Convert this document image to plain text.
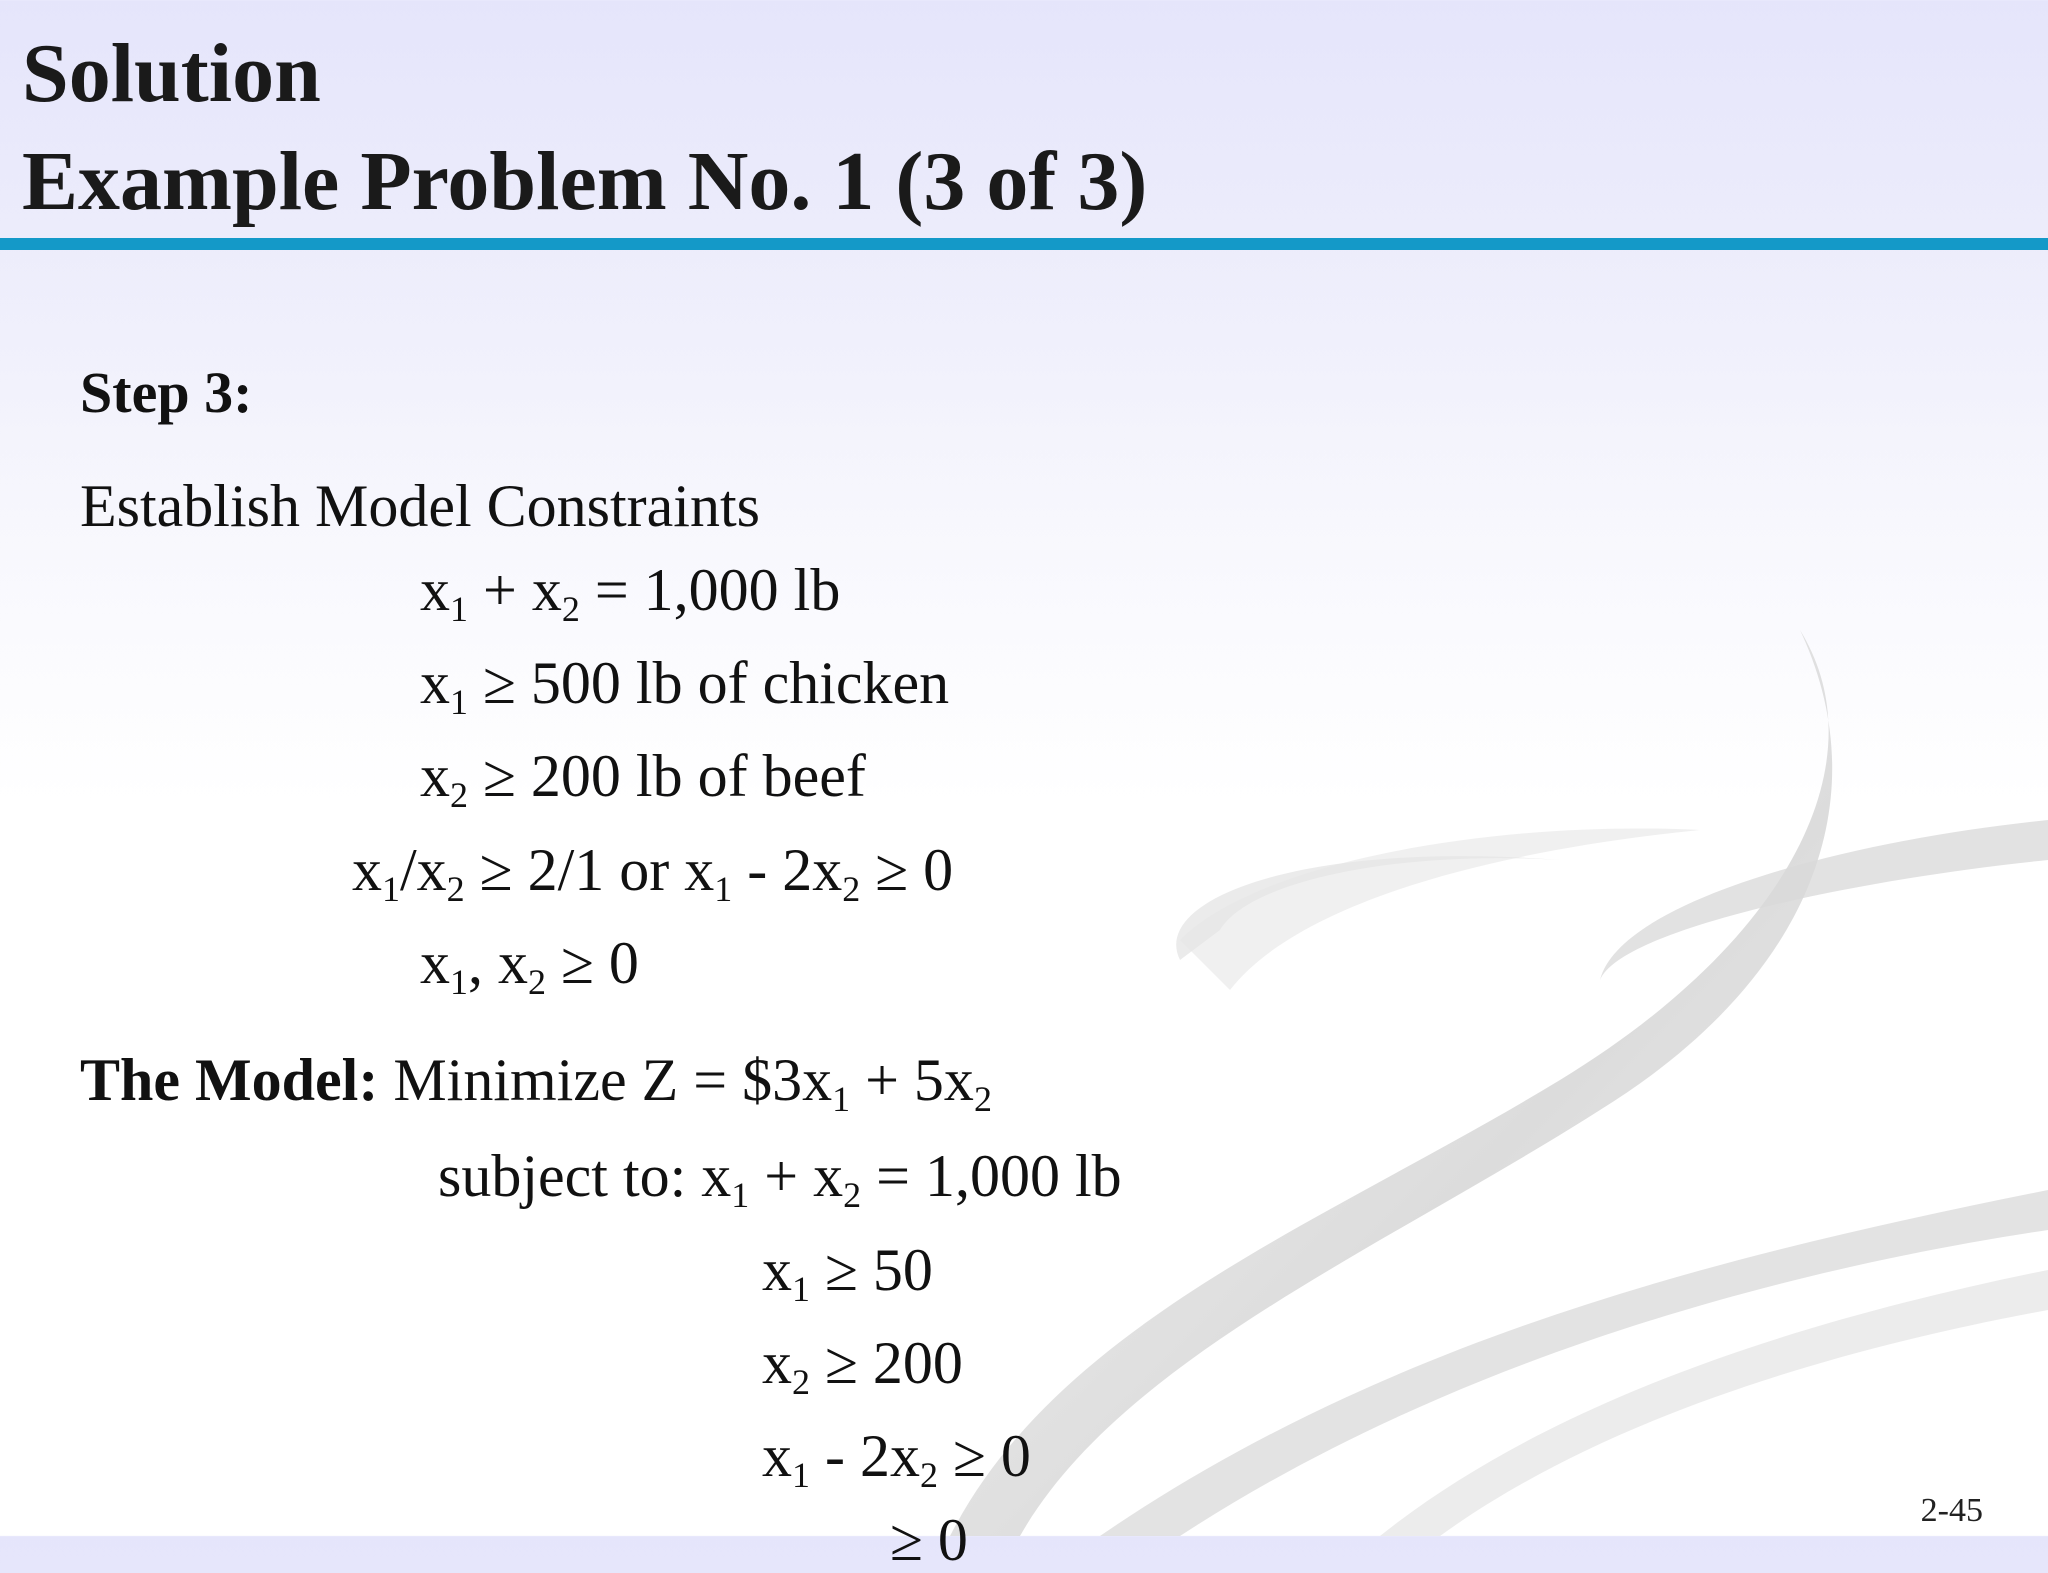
Solution
Example Problem No. 1 (3 of 3)
Step 3:
Establish Model Constraints
$x_1 + x_2 = 1,000$ lb
$x_1 \ge 500$ lb of chicken
$x_2 \ge 200$ lb of beef
$x_1/x_2 \ge 2/1$ or $x_1 - 2x_2 \ge 0$
$x_1$, $x_2 \ge 0$
The Model: Minimize $Z = \$3x_1 + 5x_2$
subject to: $x_1 + x_2 = 1,000$ lb
$x_1 \ge 50$
$x_2 \ge 200$
$x_1 - 2x_2 \ge 0$
≥ 0	2-45
